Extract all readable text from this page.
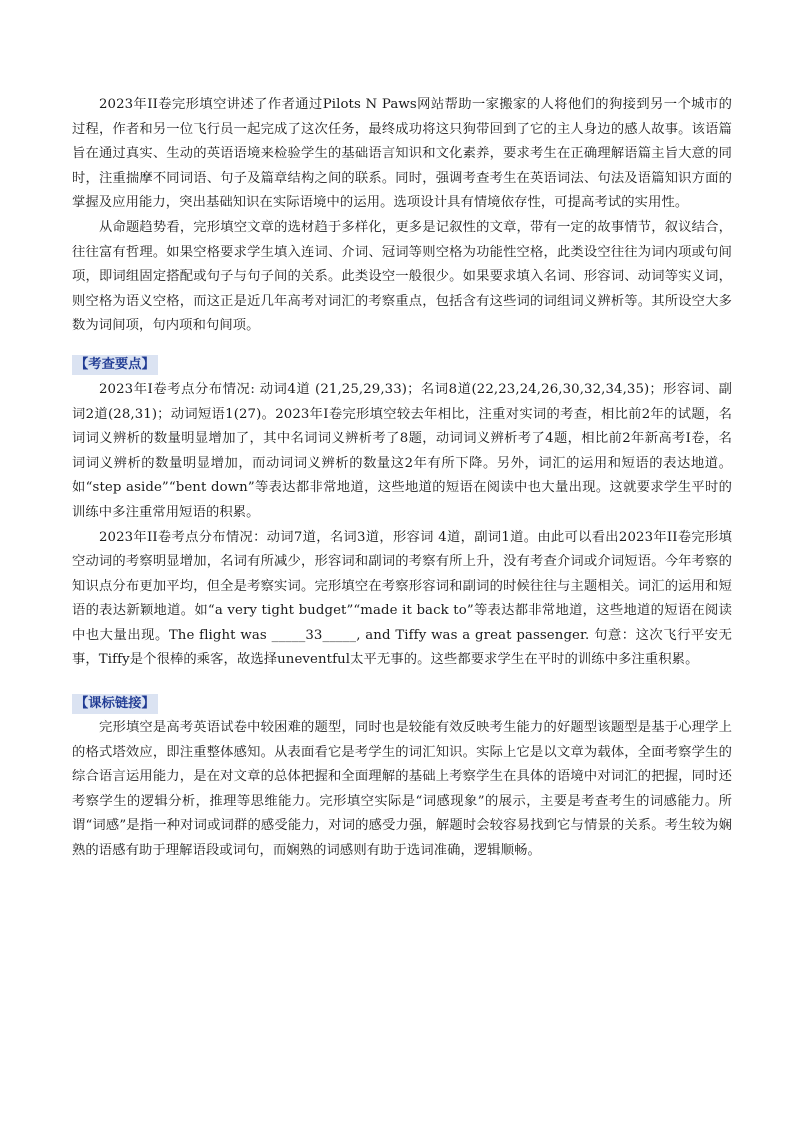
2023年II卷完形填空讲述了作者通过Pilots N Paws网站帮助一家搬家的人将他们的狗接到另一个城市的过程，作者和另一位飞行员一起完成了这次任务，最终成功将这只狗带回到了它的主人身边的感人故事。该语篇旨在通过真实、生动的英语语境来检验学生的基础语言知识和文化素养，要求考生在正确理解语篇主旨大意的同时，注重揣摩不同词语、句子及篇章结构之间的联系。同时，强调考查考生在英语词法、句法及语篇知识方面的掌握及应用能力，突出基础知识在实际语境中的运用。选项设计具有情境依存性，可提高考试的实用性。

从命题趋势看，完形填空文章的选材趋于多样化，更多是记叙性的文章，带有一定的故事情节，叙议结合，往往富有哲理。如果空格要求学生填入连词、介词、冠词等则空格为功能性空格，此类设空往往为词内项或句间项，即词组固定搭配或句子与句子间的关系。此类设空一般很少。如果要求填入名词、形容词、动词等实义词，则空格为语义空格，而这正是近几年高考对词汇的考察重点，包括含有这些词的词组词义辨析等。其所设空大多数为词间项，句内项和句间项。

【考查要点】

2023年I卷考点分布情况: 动词4道 (21,25,29,33)；名词8道(22,23,24,26,30,32,34,35)；形容词、副词2道(28,31)；动词短语1(27)。2023年I卷完形填空较去年相比，注重对实词的考查，相比前2年的试题，名词词义辨析的数量明显增加了，其中名词词义辨析考了8题，动词词义辨析考了4题，相比前2年新高考I卷，名词词义辨析的数量明显增加，而动词词义辨析的数量这2年有所下降。另外，词汇的运用和短语的表达地道。如“step aside”“bent down”等表达都非常地道，这些地道的短语在阅读中也大量出现。这就要求学生平时的训练中多注重常用短语的积累。

2023年II卷考点分布情况：动词7道，名词3道，形容词 4道，副词1道。由此可以看出2023年II卷完形填空动词的考察明显增加，名词有所减少，形容词和副词的考察有所上升，没有考查介词或介词短语。今年考察的知识点分布更加平均，但全是考察实词。完形填空在考察形容词和副词的时候往往与主题相关。词汇的运用和短语的表达新颖地道。如“a very tight budget”“made it back to”等表达都非常地道，这些地道的短语在阅读中也大量出现。The flight was _____33_____, and Tiffy was a great passenger. 句意：这次飞行平安无事，Tiffy是个很棒的乘客，故选择uneventful太平无事的。这些都要求学生在平时的训练中多注重积累。

【课标链接】

完形填空是高考英语试卷中较困难的题型，同时也是较能有效反映考生能力的好题型该题型是基于心理学上的格式塔效应，即注重整体感知。从表面看它是考学生的词汇知识。实际上它是以文章为载体，全面考察学生的综合语言运用能力，是在对文章的总体把握和全面理解的基础上考察学生在具体的语境中对词汇的把握，同时还考察学生的逻辑分析，推理等思维能力。完形填空实际是“词感现象”的展示，主要是考查考生的词感能力。所谓“词感”是指一种对词或词群的感受能力，对词的感受力强，解题时会较容易找到它与情景的关系。考生较为娴熟的语感有助于理解语段或词句，而娴熟的词感则有助于选词准确，逻辑顺畅。
